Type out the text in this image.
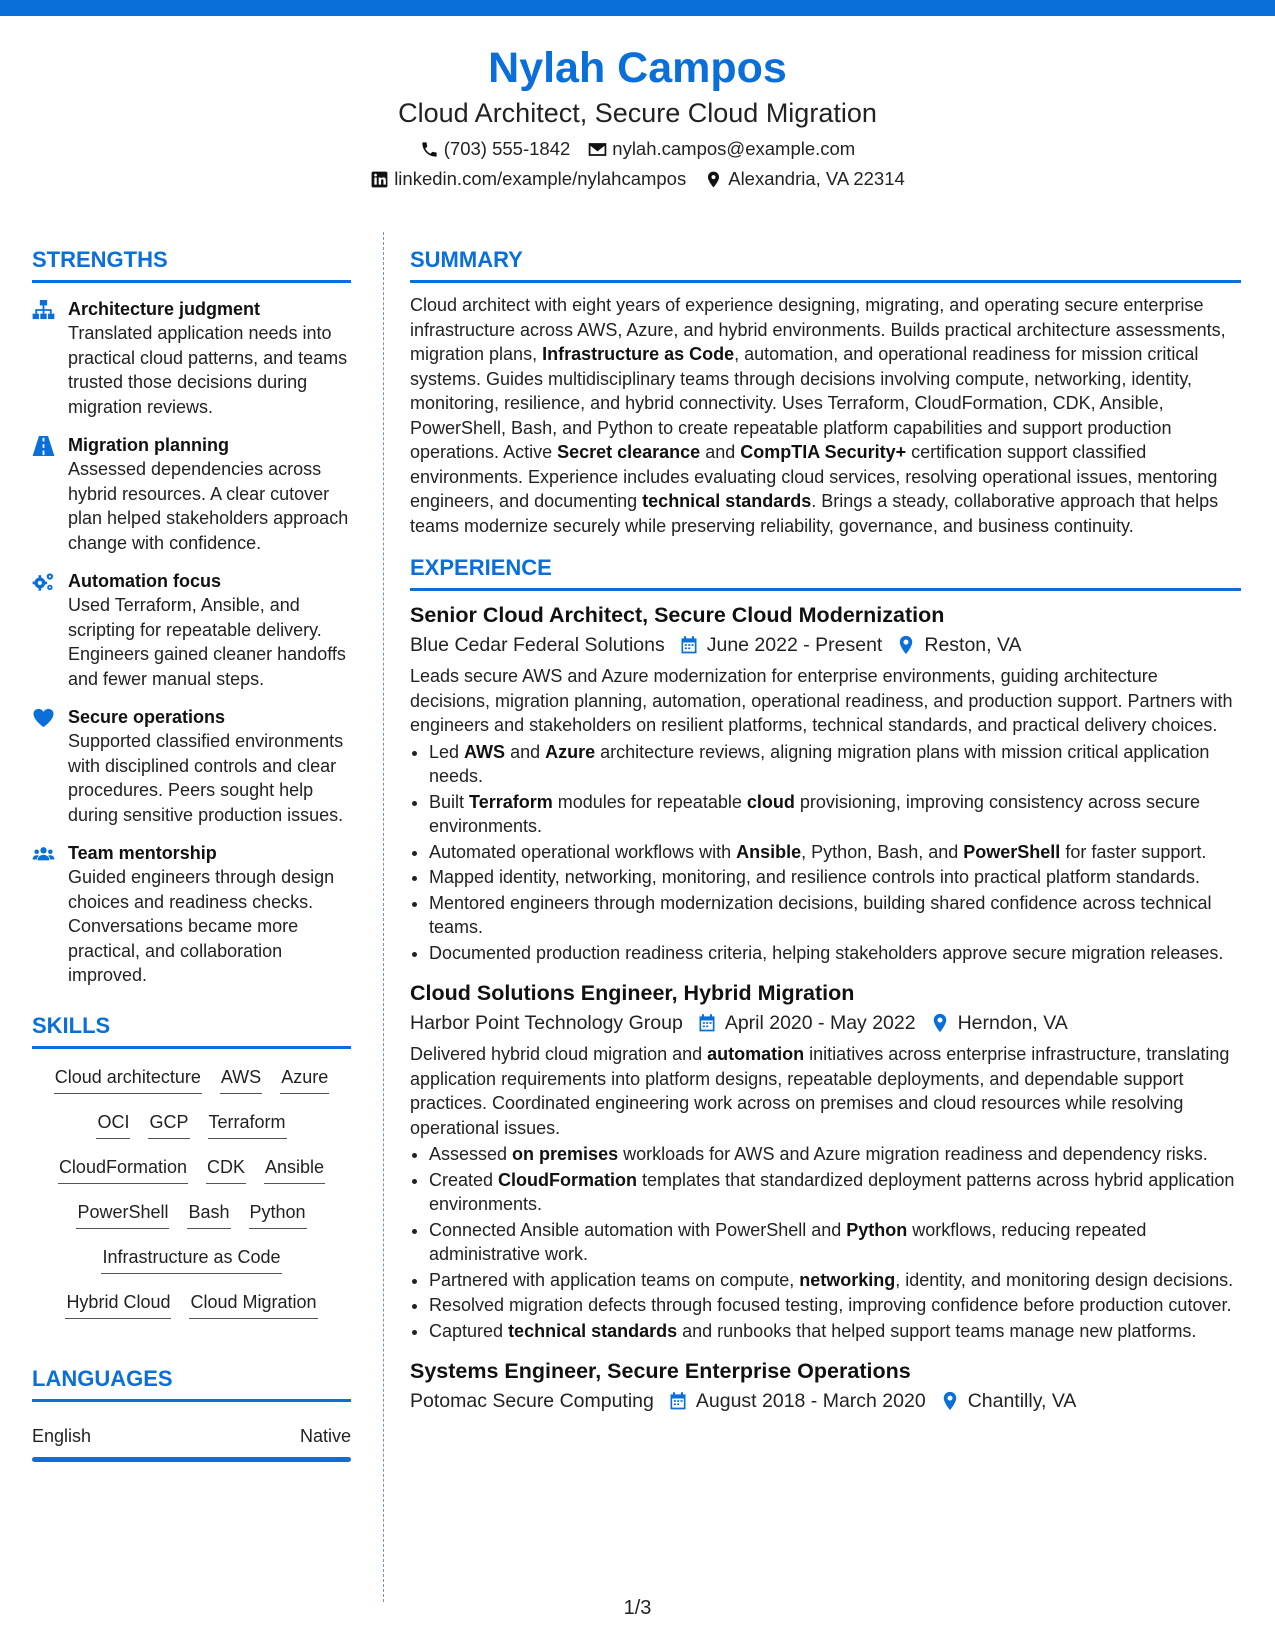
Nylah Campos
Cloud Architect, Secure Cloud Migration
(703) 555-1842 nylah.campos@example.com
linkedin.com/example/nylahcampos Alexandria, VA 22314
STRENGTHS
Architecture judgment
Translated application needs into practical cloud patterns, and teams trusted those decisions during migration reviews.
Migration planning
Assessed dependencies across hybrid resources. A clear cutover plan helped stakeholders approach change with confidence.
Automation focus
Used Terraform, Ansible, and scripting for repeatable delivery. Engineers gained cleaner handoffs and fewer manual steps.
Secure operations
Supported classified environments with disciplined controls and clear procedures. Peers sought help during sensitive production issues.
Team mentorship
Guided engineers through design choices and readiness checks. Conversations became more practical, and collaboration improved.
SKILLS
Cloud architecture AWS Azure
OCI GCP Terraform
CloudFormation CDK Ansible
PowerShell Bash Python
Infrastructure as Code
Hybrid Cloud Cloud Migration
LANGUAGES
English	Native
SUMMARY
Cloud architect with eight years of experience designing, migrating, and operating secure enterprise infrastructure across AWS, Azure, and hybrid environments. Builds practical architecture assessments, migration plans, Infrastructure as Code, automation, and operational readiness for mission critical systems. Guides multidisciplinary teams through decisions involving compute, networking, identity, monitoring, resilience, and hybrid connectivity. Uses Terraform, CloudFormation, CDK, Ansible, PowerShell, Bash, and Python to create repeatable platform capabilities and support production operations. Active Secret clearance and CompTIA Security+ certification support classified environments. Experience includes evaluating cloud services, resolving operational issues, mentoring engineers, and documenting technical standards. Brings a steady, collaborative approach that helps teams modernize securely while preserving reliability, governance, and business continuity.
EXPERIENCE
Senior Cloud Architect, Secure Cloud Modernization
Blue Cedar Federal Solutions June 2022 - Present Reston, VA
Leads secure AWS and Azure modernization for enterprise environments, guiding architecture decisions, migration planning, automation, operational readiness, and production support. Partners with engineers and stakeholders on resilient platforms, technical standards, and practical delivery choices.
• Led AWS and Azure architecture reviews, aligning migration plans with mission critical application needs.
• Built Terraform modules for repeatable cloud provisioning, improving consistency across secure environments.
• Automated operational workflows with Ansible, Python, Bash, and PowerShell for faster support.
• Mapped identity, networking, monitoring, and resilience controls into practical platform standards.
• Mentored engineers through modernization decisions, building shared confidence across technical teams.
• Documented production readiness criteria, helping stakeholders approve secure migration releases.
Cloud Solutions Engineer, Hybrid Migration
Harbor Point Technology Group April 2020 - May 2022 Herndon, VA
Delivered hybrid cloud migration and automation initiatives across enterprise infrastructure, translating application requirements into platform designs, repeatable deployments, and dependable support practices. Coordinated engineering work across on premises and cloud resources while resolving operational issues.
• Assessed on premises workloads for AWS and Azure migration readiness and dependency risks.
• Created CloudFormation templates that standardized deployment patterns across hybrid application environments.
• Connected Ansible automation with PowerShell and Python workflows, reducing repeated administrative work.
• Partnered with application teams on compute, networking, identity, and monitoring design decisions.
• Resolved migration defects through focused testing, improving confidence before production cutover.
• Captured technical standards and runbooks that helped support teams manage new platforms.
Systems Engineer, Secure Enterprise Operations
Potomac Secure Computing August 2018 - March 2020 Chantilly, VA
1/3
